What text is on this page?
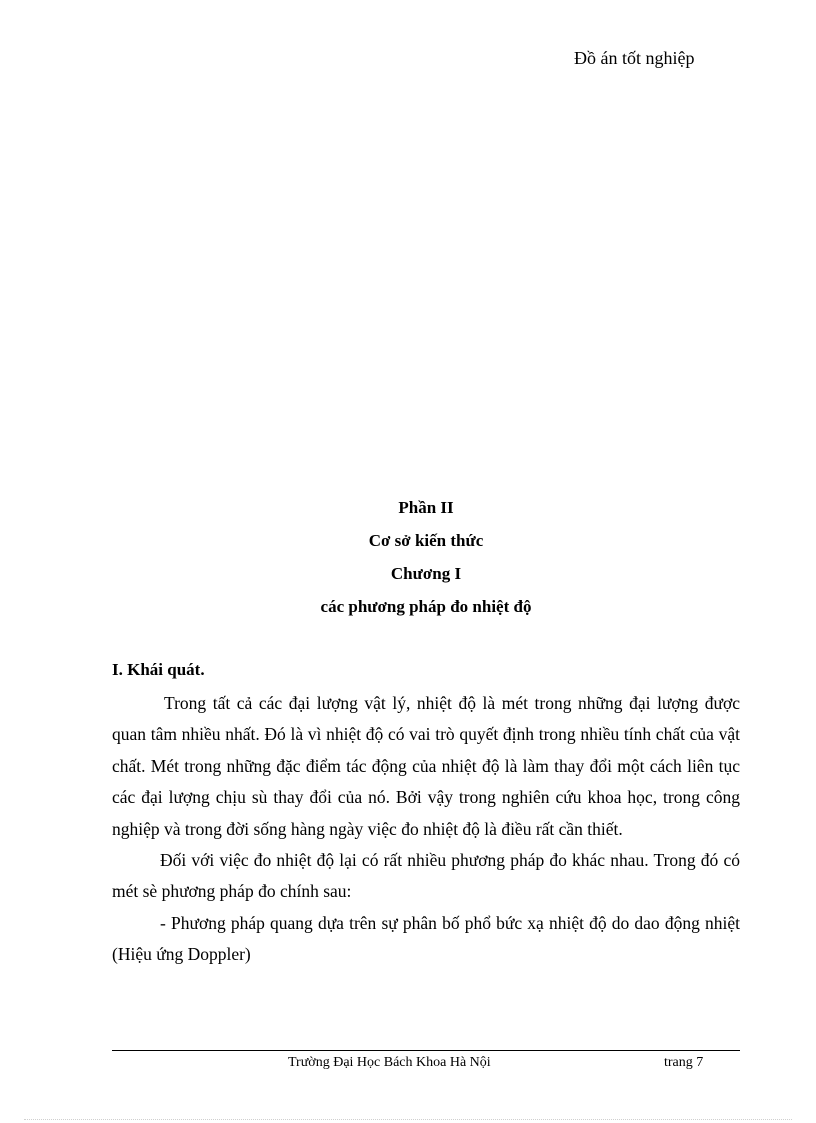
Đồ án tốt nghiệp
Phần II
Cơ sở kiến thức
Chương I
các phương pháp đo nhiệt độ
I. Khái quát.

Trong tất cả các đại lượng vật lý, nhiệt độ là mét trong những đại lượng được quan tâm nhiều nhất. Đó là vì nhiệt độ có vai trò quyết định trong nhiều tính chất của vật chất. Mét trong những đặc điểm tác động của nhiệt độ là làm thay đổi một cách liên tục các đại lượng chịu sù thay đổi của nó. Bởi vậy trong nghiên cứu khoa học, trong công nghiệp và trong đời sống hàng ngày việc đo nhiệt độ là điều rất cần thiết.

Đối với việc đo nhiệt độ lại có rất nhiều phương pháp đo khác nhau. Trong đó có mét sè phương pháp đo chính sau:

- Phương pháp quang dựa trên sự phân bố phổ bức xạ nhiệt độ do dao động nhiệt (Hiệu ứng Doppler)

Trường Đại Học Bách Khoa Hà Nội	trang 7
